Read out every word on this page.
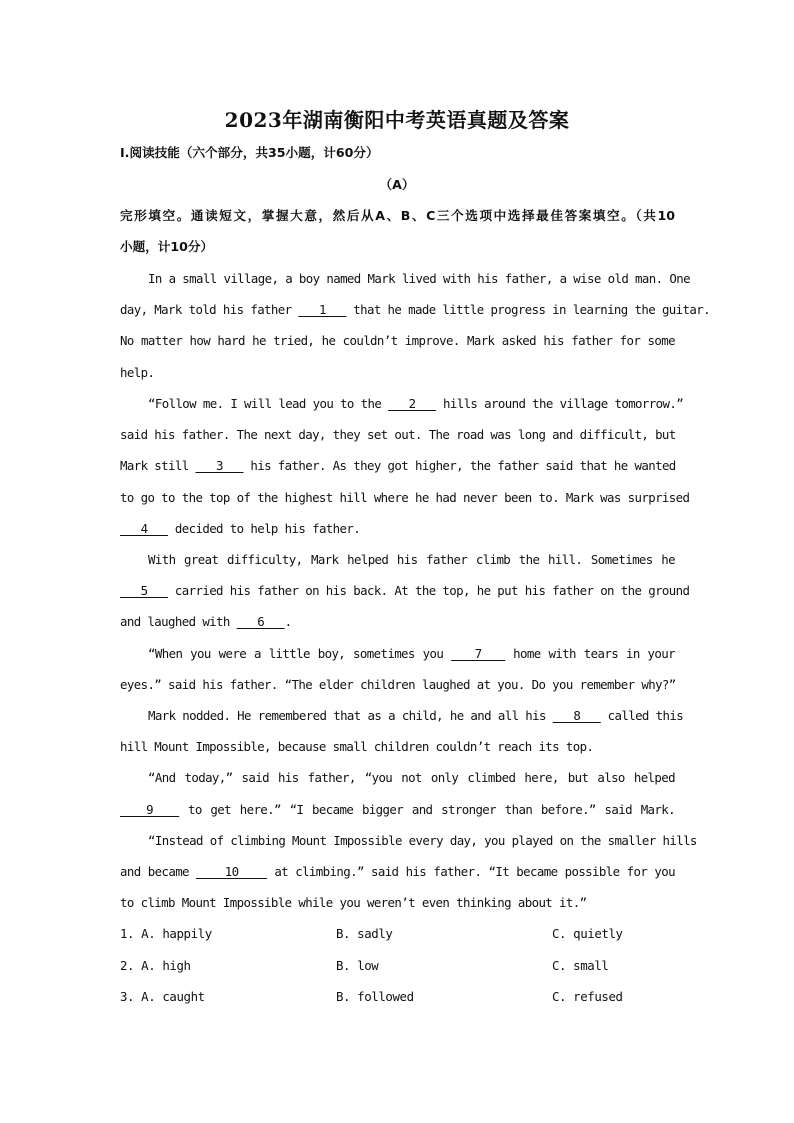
2023年湖南衡阳中考英语真题及答案
I.阅读技能（六个部分，共35小题，计60分）
（A）
完形填空。通读短文，掌握大意，然后从A、B、C三个选项中选择最佳答案填空。（共10
小题，计10分）
In a small village, a boy named Mark lived with his father, a wise old man. One
day, Mark told his father    1    that he made little progress in learning the guitar.
No matter how hard he tried, he couldn’t improve. Mark asked his father for some
help.
“Follow me. I will lead you to the    2    hills around the village tomorrow.”
said his father. The next day, they set out. The road was long and difficult, but
Mark still    3    his father. As they got higher, the father said that he wanted
to go to the top of the highest hill where he had never been to. Mark was surprised
4    decided to help his father.
With great difficulty, Mark helped his father climb the hill. Sometimes he
5    carried his father on his back. At the top, he put his father on the ground
and laughed with    6   .
“When you were a little boy, sometimes you    7    home with tears in your
eyes.” said his father. “The elder children laughed at you. Do you remember why?”
Mark nodded. He remembered that as a child, he and all his    8    called this
hill Mount Impossible, because small children couldn’t reach its top.
“And today,” said his father, “you not only climbed here, but also helped
9    to get here.” “I became bigger and stronger than before.” said Mark.
“Instead of climbing Mount Impossible every day, you played on the smaller hills
and became     10     at climbing.” said his father. “It became possible for you
to climb Mount Impossible while you weren’t even thinking about it.”
1. A. happily	B. sadly	C. quietly
2. A. high	B. low	C. small
3. A. caught	B. followed	C. refused
